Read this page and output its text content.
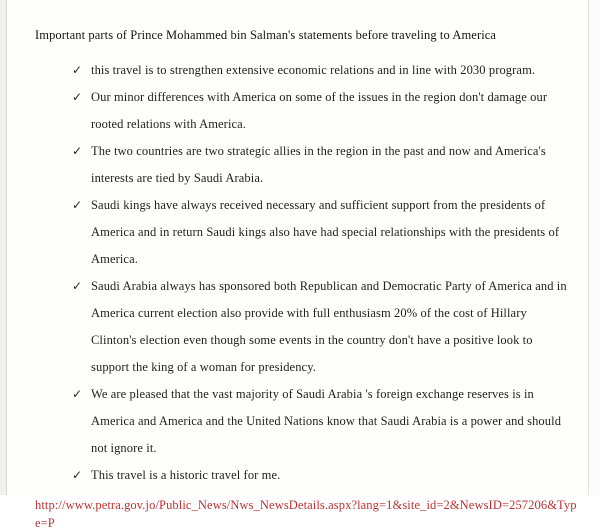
Important parts of Prince Mohammed bin Salman's statements before traveling to America
✓ this travel is to strengthen extensive economic relations and in line with 2030 program.
✓ Our minor differences with America on some of the issues in the region don't damage our rooted relations with America.
✓ The two countries are two strategic allies in the region in the past and now and America's interests are tied by Saudi Arabia.
✓ Saudi kings have always received necessary and sufficient support from the presidents of America and in return Saudi kings also have had special relationships with the presidents of America.
✓ Saudi Arabia always has sponsored both Republican and Democratic Party of America and in America current election also provide with full enthusiasm 20% of the cost of Hillary Clinton's election even though some events in the country don't have a positive look to support the king of a woman for presidency.
✓ We are pleased that the vast majority of Saudi Arabia 's foreign exchange reserves is in America and America and the United Nations know that Saudi Arabia is a power and should not ignore it.
✓ This travel is a historic travel for me.
http://www.petra.gov.jo/Public_News/Nws_NewsDetails.aspx?lang=1&site_id=2&NewsID=257206&Type=P
